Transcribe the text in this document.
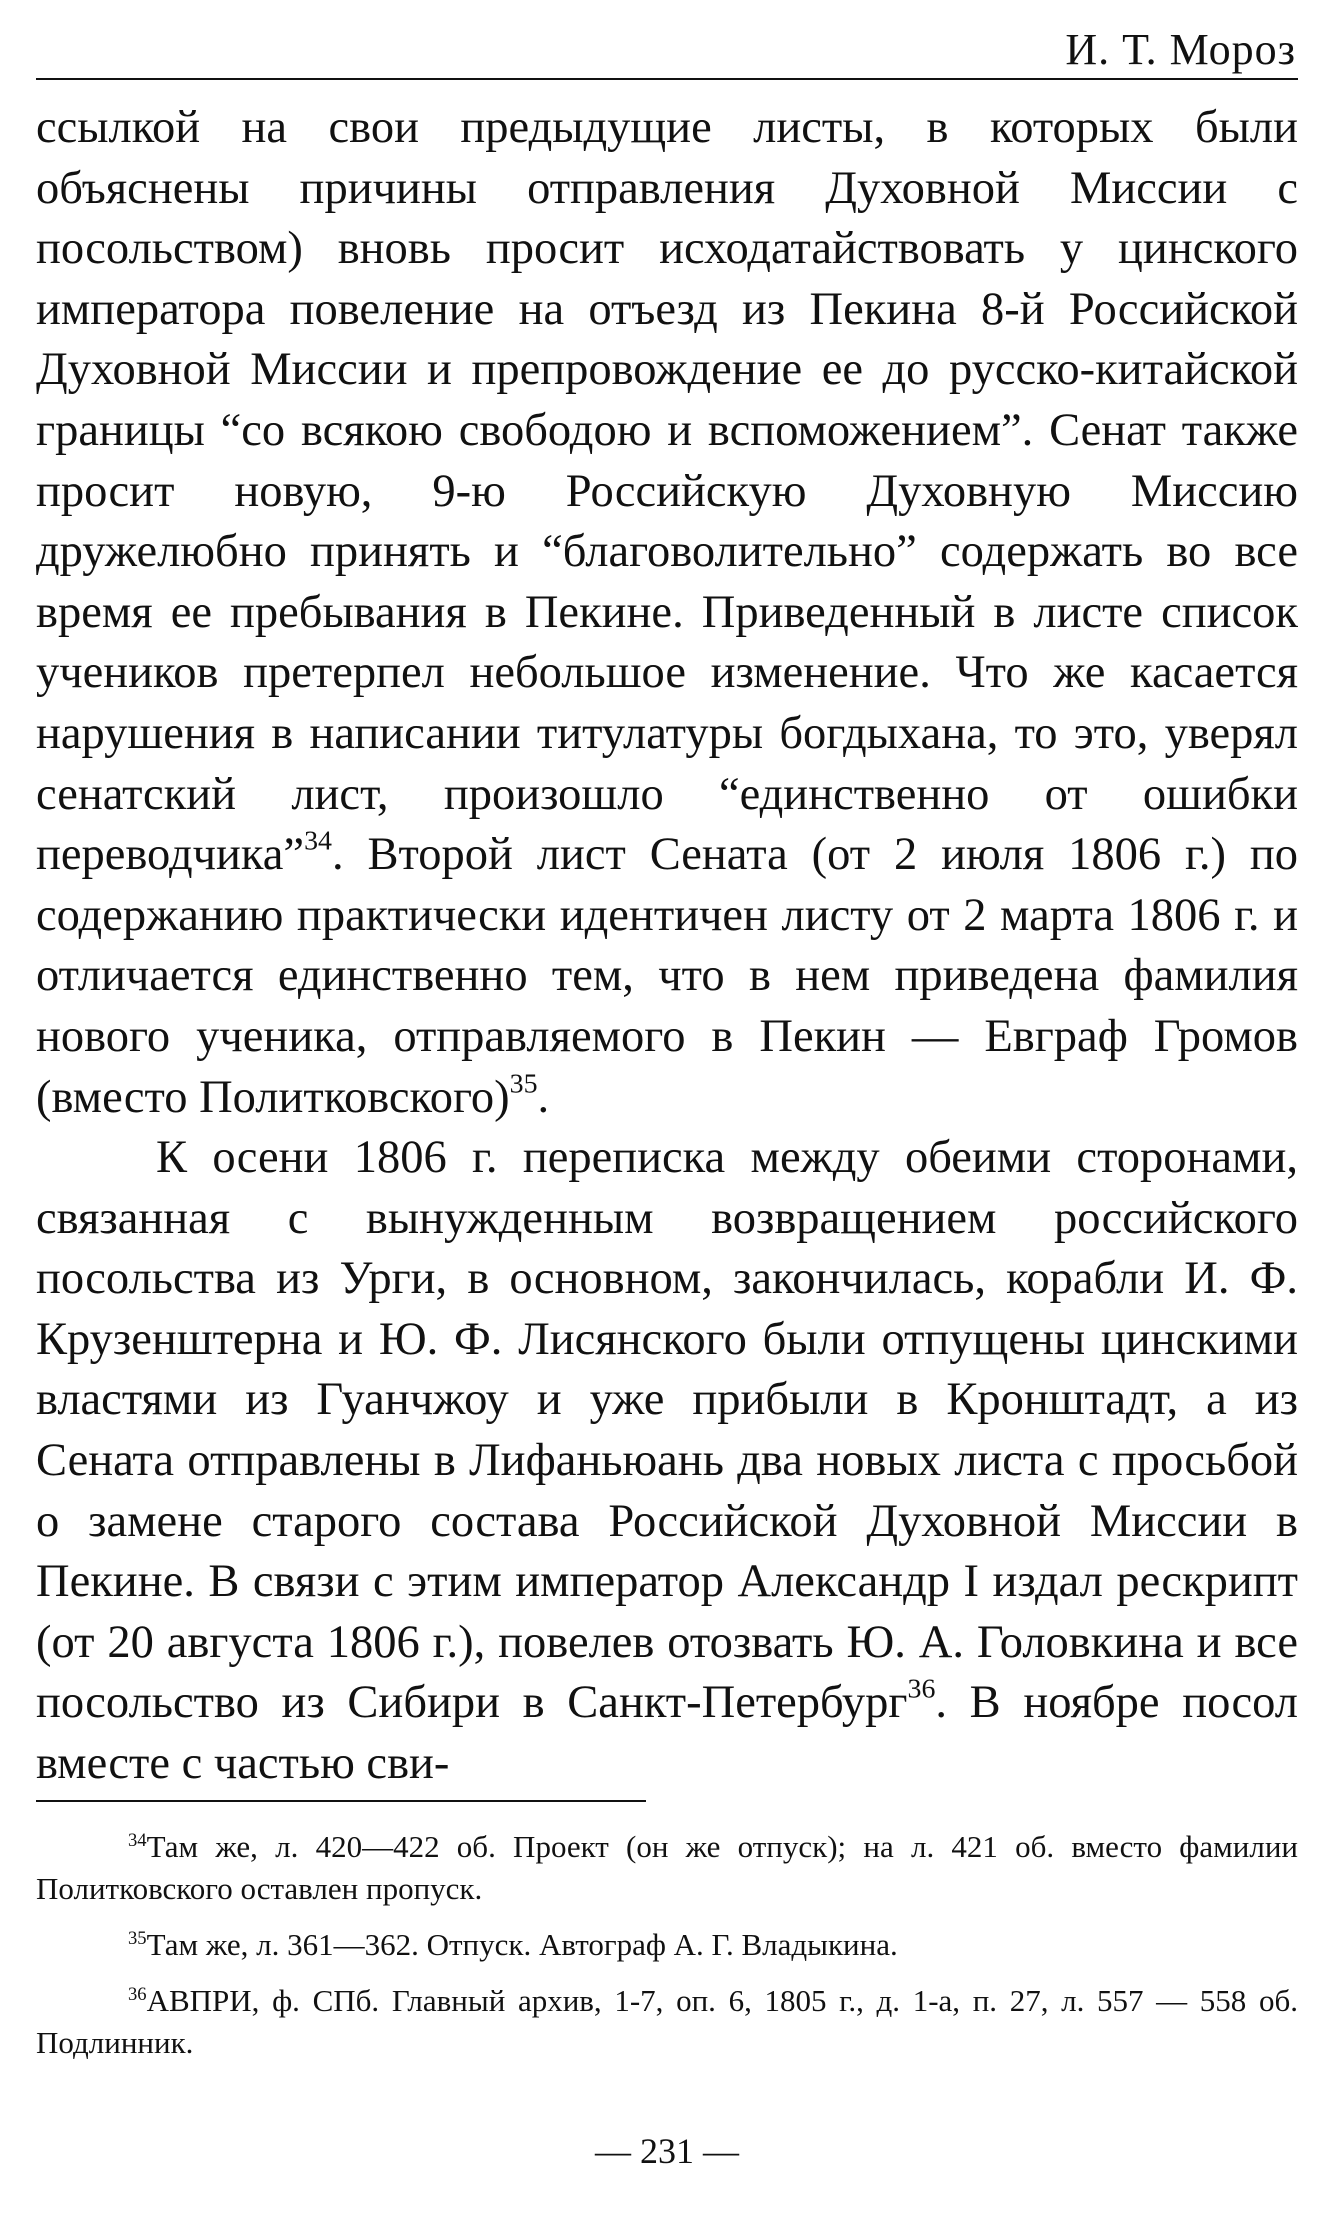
И. Т. Мороз

ссылкой на свои предыдущие листы, в которых были объяснены причины отправления Духовной Миссии с посольством) вновь просит исходатайствовать у цинского императора повеление на отъезд из Пекина 8-й Российской Духовной Миссии и препровождение ее до русско-китайской границы “со всякою свободою и вспоможением”. Сенат также просит новую, 9-ю Российскую Духовную Миссию дружелюбно принять и “благоволительно” содержать во все время ее пребывания в Пекине. Приведенный в листе список учеников претерпел небольшое изменение. Что же касается нарушения в написании титулатуры богдыхана, то это, уверял сенатский лист, произошло “единственно от ошибки переводчика”$^{34}$. Второй лист Сената (от 2 июля 1806 г.) по содержанию практически идентичен листу от 2 марта 1806 г. и отличается единственно тем, что в нем приведена фамилия нового ученика, отправляемого в Пекин — Евграф Громов (вместо Политковского)$^{35}$.

К осени 1806 г. переписка между обеими сторонами, связанная с вынужденным возвращением российского посольства из Урги, в основном, закончилась, корабли И. Ф. Крузенштерна и Ю. Ф. Лисянского были отпущены цинскими властями из Гуанчжоу и уже прибыли в Кронштадт, а из Сената отправлены в Лифаньюань два новых листа с просьбой о замене старого состава Российской Духовной Миссии в Пекине. В связи с этим император Александр I издал рескрипт (от 20 августа 1806 г.), повелев отозвать Ю. А. Головкина и все посольство из Сибири в Санкт-Петербург$^{36}$. В ноябре посол вместе с частью сви-

$^{34}$Там же, л. 420—422 об. Проект (он же отпуск); на л. 421 об. вместо фамилии Политковского оставлен пропуск.

$^{35}$Там же, л. 361—362. Отпуск. Автограф А. Г. Владыкина.

$^{36}$АВПРИ, ф. СПб. Главный архив, 1-7, оп. 6, 1805 г., д. 1-а, п. 27, л. 557 — 558 об. Подлинник.

— 231 —
